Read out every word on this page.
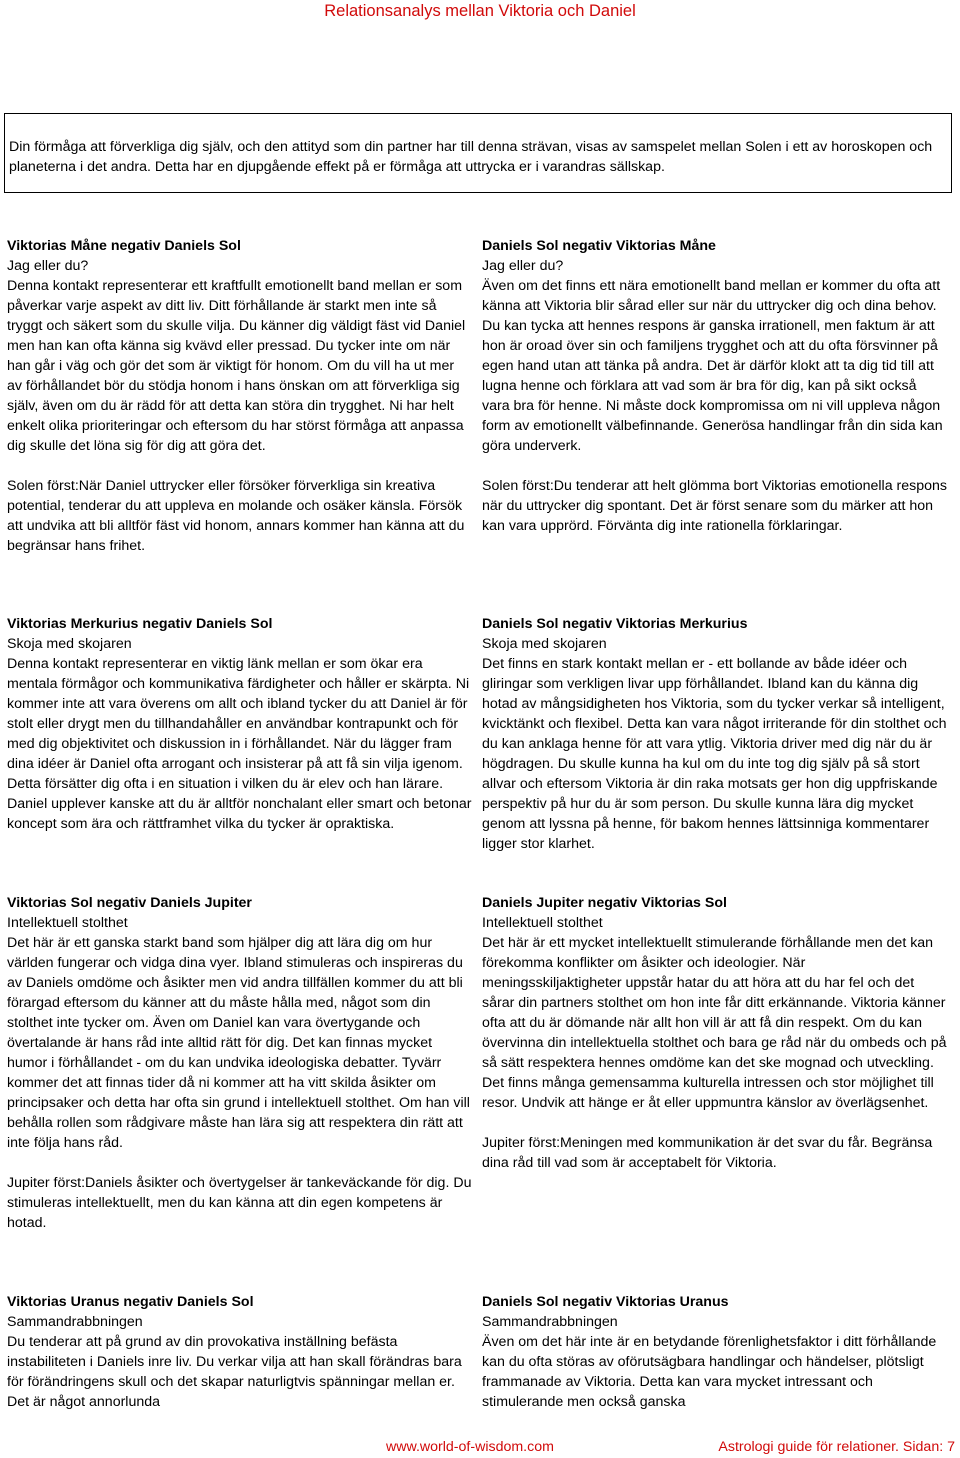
Relationsanalys mellan Viktoria och Daniel

Din förmåga att förverkliga dig själv, och den attityd som din partner har till denna strävan, visas av samspelet mellan Solen i ett av horoskopen och planeterna i det andra. Detta har en djupgående effekt på er förmåga att uttrycka er i varandras sällskap.

Viktorias Måne negativ Daniels Sol
Jag eller du?

Denna kontakt representerar ett kraftfullt emotionellt band mellan er som påverkar varje aspekt av ditt liv. Ditt förhållande är starkt men inte så tryggt och säkert som du skulle vilja. Du känner dig väldigt fäst vid Daniel men han kan ofta känna sig kvävd eller pressad. Du tycker inte om när han går i väg och gör det som är viktigt för honom. Om du vill ha ut mer av förhållandet bör du stödja honom i hans önskan om att förverkliga sig själv, även om du är rädd för att detta kan störa din trygghet. Ni har helt enkelt olika prioriteringar och eftersom du har störst förmåga att anpassa dig skulle det löna sig för dig att göra det.

Solen först:När Daniel uttrycker eller försöker förverkliga sin kreativa potential, tenderar du att uppleva en molande och osäker känsla. Försök att undvika att bli alltför fäst vid honom, annars kommer han känna att du begränsar hans frihet.

Viktorias Merkurius negativ Daniels Sol
Skoja med skojaren

Denna kontakt representerar en viktig länk mellan er som ökar era mentala förmågor och kommunikativa färdigheter och håller er skärpta. Ni kommer inte att vara överens om allt och ibland tycker du att Daniel är för stolt eller drygt men du tillhandahåller en användbar kontrapunkt och för med dig objektivitet och diskussion in i förhållandet. När du lägger fram dina idéer är Daniel ofta arrogant och insisterar på att få sin vilja igenom. Detta försätter dig ofta i en situation i vilken du är elev och han lärare. Daniel upplever kanske att du är alltför nonchalant eller smart och betonar koncept som ära och rättframhet vilka du tycker är opraktiska.

Viktorias Sol negativ Daniels Jupiter
Intellektuell stolthet

Det här är ett ganska starkt band som hjälper dig att lära dig om hur världen fungerar och vidga dina vyer. Ibland stimuleras och inspireras du av Daniels omdöme och åsikter men vid andra tillfällen kommer du att bli förargad eftersom du känner att du måste hålla med, något som din stolthet inte tycker om. Även om Daniel kan vara övertygande och övertalande är hans råd inte alltid rätt för dig. Det kan finnas mycket humor i förhållandet - om du kan undvika ideologiska debatter. Tyvärr kommer det att finnas tider då ni kommer att ha vitt skilda åsikter om principsaker och detta har ofta sin grund i intellektuell stolthet. Om han vill behålla rollen som rådgivare måste han lära sig att respektera din rätt att inte följa hans råd.

Jupiter först:Daniels åsikter och övertygelser är tankeväckande för dig. Du stimuleras intellektuellt, men du kan känna att din egen kompetens är hotad.

Viktorias Uranus negativ Daniels Sol
Sammandrabbningen

Du tenderar att på grund av din provokativa inställning befästa instabiliteten i Daniels inre liv. Du verkar vilja att han skall förändras bara för förändringens skull och det skapar naturligtvis spänningar mellan er. Det är något annorlunda

Daniels Sol negativ Viktorias Måne
Jag eller du?

Även om det finns ett nära emotionellt band mellan er kommer du ofta att känna att Viktoria blir sårad eller sur när du uttrycker dig och dina behov. Du kan tycka att hennes respons är ganska irrationell, men faktum är att hon är oroad över sin och familjens trygghet och att du ofta försvinner på egen hand utan att tänka på andra. Det är därför klokt att ta dig tid till att lugna henne och förklara att vad som är bra för dig, kan på sikt också vara bra för henne. Ni måste dock kompromissa om ni vill uppleva någon form av emotionellt välbefinnande. Generösa handlingar från din sida kan göra underverk.

Solen först:Du tenderar att helt glömma bort Viktorias emotionella respons när du uttrycker dig spontant. Det är först senare som du märker att hon kan vara upprörd. Förvänta dig inte rationella förklaringar.

Daniels Sol negativ Viktorias Merkurius
Skoja med skojaren

Det finns en stark kontakt mellan er - ett bollande av både idéer och gliringar som verkligen livar upp förhållandet. Ibland kan du känna dig hotad av mångsidigheten hos Viktoria, som du tycker verkar så intelligent, kvicktänkt och flexibel. Detta kan vara något irriterande för din stolthet och du kan anklaga henne för att vara ytlig. Viktoria driver med dig när du är högdragen. Du skulle kunna ha kul om du inte tog dig själv på så stort allvar och eftersom Viktoria är din raka motsats ger hon dig uppfriskande perspektiv på hur du är som person. Du skulle kunna lära dig mycket genom att lyssna på henne, för bakom hennes lättsinniga kommentarer ligger stor klarhet.

Daniels Jupiter negativ Viktorias Sol
Intellektuell stolthet

Det här är ett mycket intellektuellt stimulerande förhållande men det kan förekomma konflikter om åsikter och ideologier. När meningsskiljaktigheter uppstår hatar du att höra att du har fel och det sårar din partners stolthet om hon inte får ditt erkännande. Viktoria känner ofta att du är dömande när allt hon vill är att få din respekt. Om du kan övervinna din intellektuella stolthet och bara ge råd när du ombeds och på så sätt respektera hennes omdöme kan det ske mognad och utveckling. Det finns många gemensamma kulturella intressen och stor möjlighet till resor. Undvik att hänge er åt eller uppmuntra känslor av överlägsenhet.

Jupiter först:Meningen med kommunikation är det svar du får. Begränsa dina råd till vad som är acceptabelt för Viktoria.

Daniels Sol negativ Viktorias Uranus
Sammandrabbningen

Även om det här inte är en betydande förenlighetsfaktor i ditt förhållande kan du ofta störas av oförutsägbara handlingar och händelser, plötsligt frammanade av Viktoria. Detta kan vara mycket intressant och stimulerande men också ganska

www.world-of-wisdom.com	Astrologi guide för relationer. Sidan: 7
